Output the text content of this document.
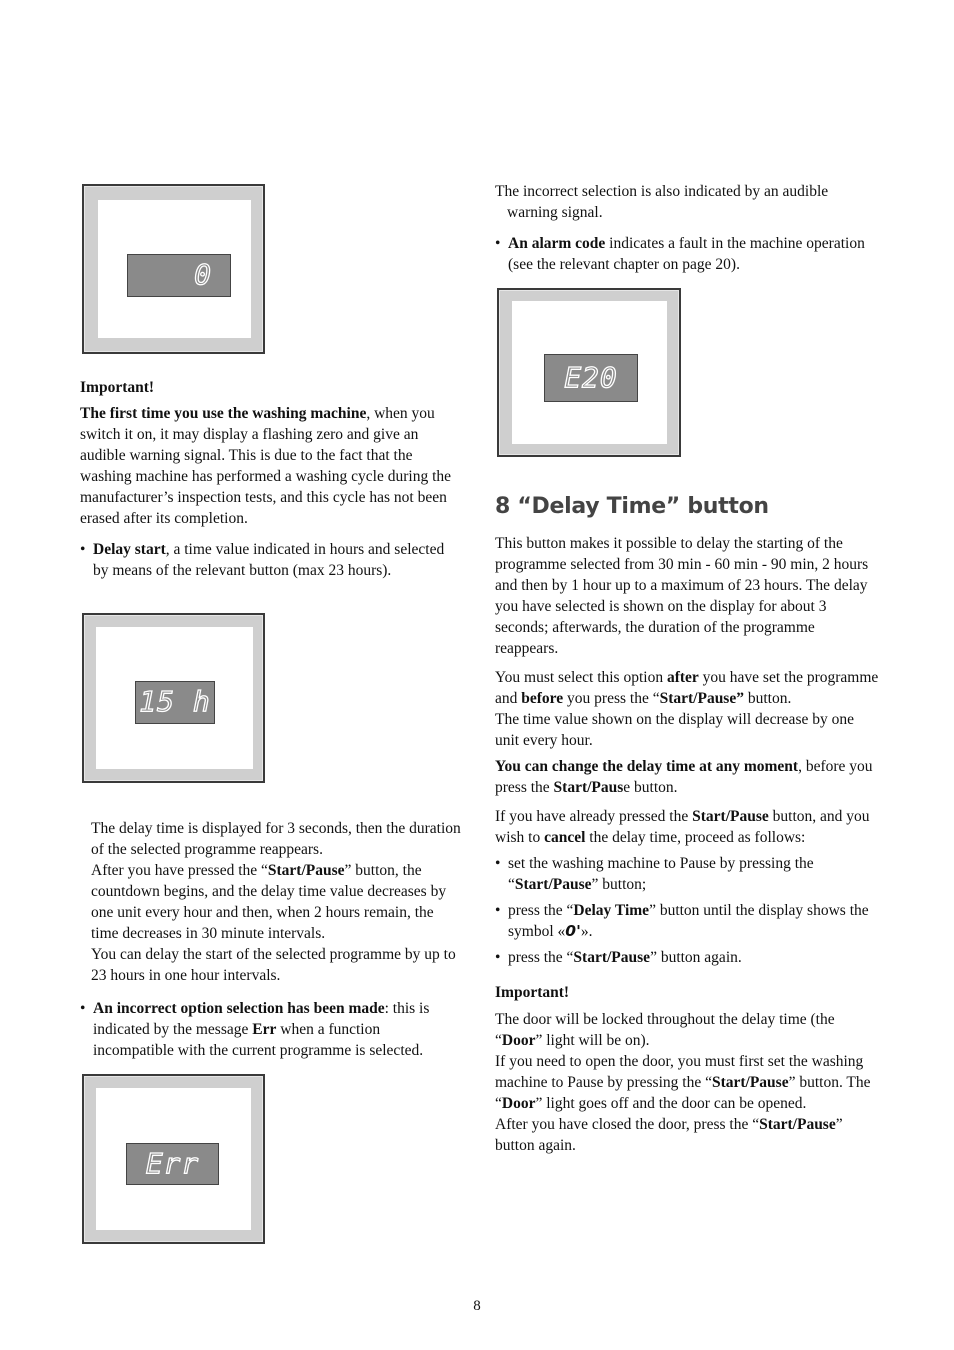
0

Important!

The first time you use the washing machine, when you switch it on, it may display a flashing zero and give an audible warning signal. This is due to the fact that the washing machine has performed a washing cycle during the manufacturer’s inspection tests, and this cycle has not been erased after its completion.

• Delay start, a time value indicated in hours and selected by means of the relevant button (max 23 hours).

15 h

The delay time is displayed for 3 seconds, then the duration of the selected programme reappears.

After you have pressed the “Start/Pause” button, the countdown begins, and the delay time value decreases by one unit every hour and then, when 2 hours remain, the time decreases in 30 minute intervals.

You can delay the start of the selected programme by up to 23 hours in one hour intervals.

• An incorrect option selection has been made: this is indicated by the message Err when a function incompatible with the current programme is selected.

Err

The incorrect selection is also indicated by an audible warning signal.

• An alarm code indicates a fault in the machine operation (see the relevant chapter on page 20).

E20
8 “Delay Time” button

This button makes it possible to delay the starting of the programme selected from 30 min - 60 min - 90 min, 2 hours and then by 1 hour up to a maximum of 23 hours. The delay you have selected is shown on the display for about 3 seconds; afterwards, the duration of the programme reappears.

You must select this option after you have set the programme and before you press the “Start/Pause” button.

The time value shown on the display will decrease by one unit every hour.

You can change the delay time at any moment, before you press the Start/Pause button.

If you have already pressed the Start/Pause button, and you wish to cancel the delay time, proceed as follows:

• set the washing machine to Pause by pressing the “Start/Pause” button;

• press the “Delay Time” button until the display shows the symbol «0'».

• press the “Start/Pause” button again.

Important!

The door will be locked throughout the delay time (the “Door” light will be on).

If you need to open the door, you must first set the washing machine to Pause by pressing the “Start/Pause” button. The “Door” light goes off and the door can be opened.

After you have closed the door, press the “Start/Pause” button again.

8
